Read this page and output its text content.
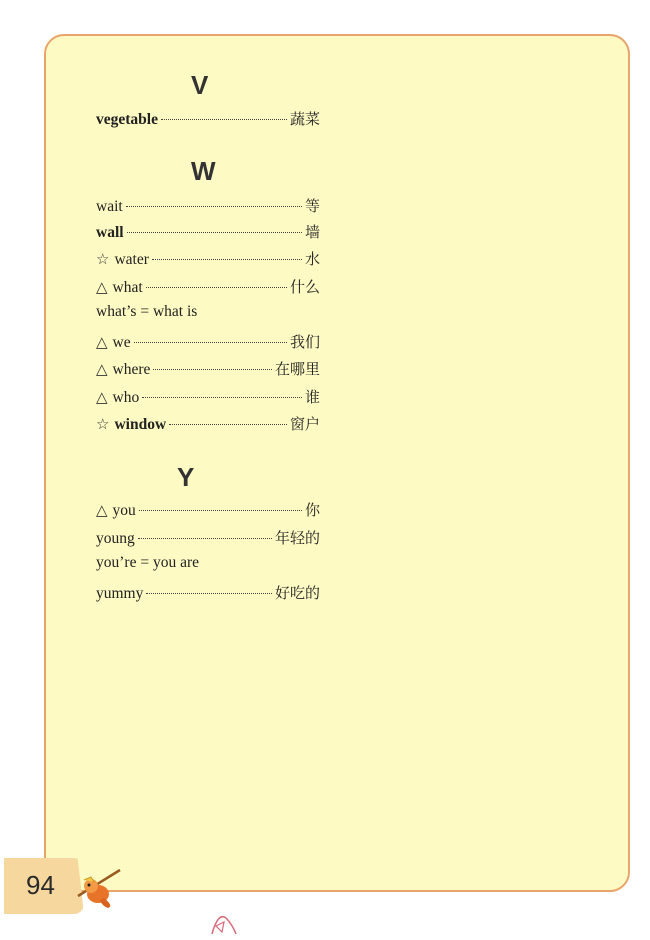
V
vegetable	蔬菜
W
wait	等
wall	墙
☆ water	水
△ what	什么
what’s = what is
△ we	我们
△ where	在哪里
△ who	谁
☆ window	窗户
Y
△ you	你
young	年轻的
you’re = you are
yummy	好吃的
94
